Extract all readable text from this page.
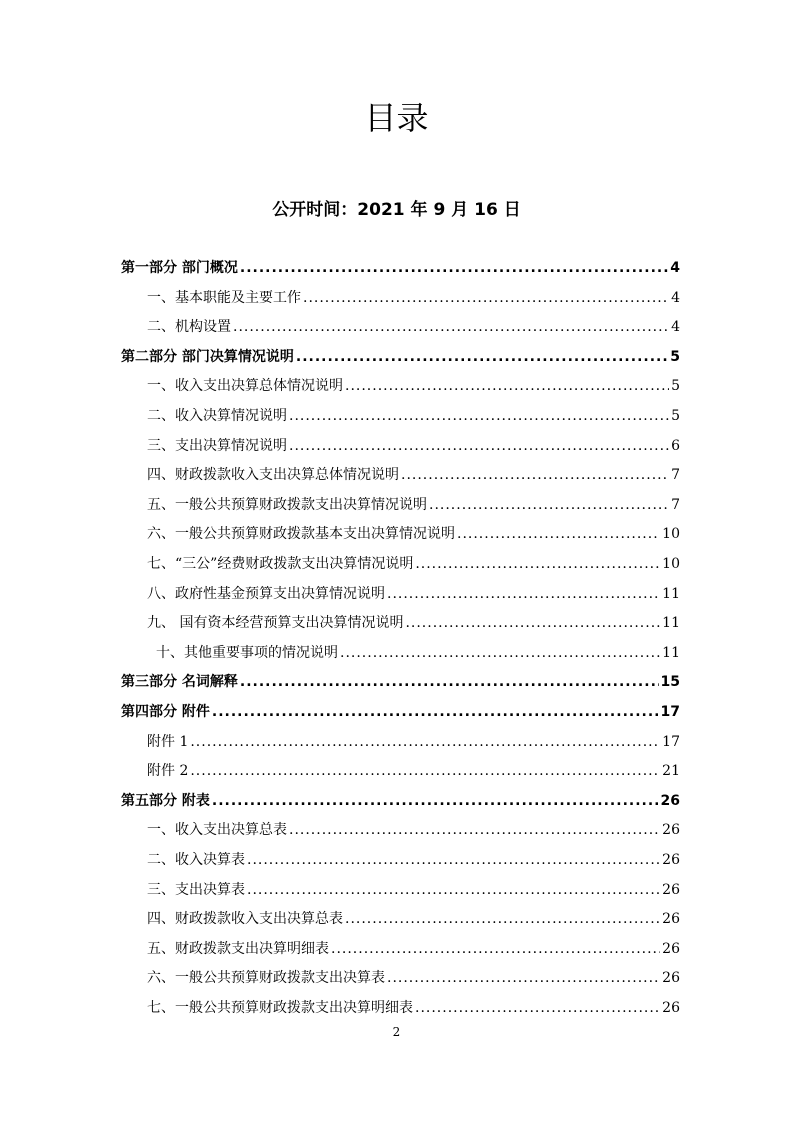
目录
公开时间：2021 年 9 月 16 日
第一部分 部门概况 .....	4
一、基本职能及主要工作 .....	4
二、机构设置 .....	4
第二部分 部门决算情况说明 .....	5
一、收入支出决算总体情况说明 .....	5
二、收入决算情况说明 .....	5
三、支出决算情况说明 .....	6
四、财政拨款收入支出决算总体情况说明 .....	7
五、一般公共预算财政拨款支出决算情况说明 .....	7
六、一般公共预算财政拨款基本支出决算情况说明 .....	10
七、“三公”经费财政拨款支出决算情况说明 .....	10
八、政府性基金预算支出决算情况说明 .....	11
九、 国有资本经营预算支出决算情况说明 .....	11
十、其他重要事项的情况说明 .....	11
第三部分 名词解释 .....	15
第四部分 附件 .....	17
附件 1 .....	17
附件 2 .....	21
第五部分 附表 .....	26
一、收入支出决算总表 .....	26
二、收入决算表 .....	26
三、支出决算表 .....	26
四、财政拨款收入支出决算总表 .....	26
五、财政拨款支出决算明细表 .....	26
六、一般公共预算财政拨款支出决算表 .....	26
七、一般公共预算财政拨款支出决算明细表 .....	26
2
